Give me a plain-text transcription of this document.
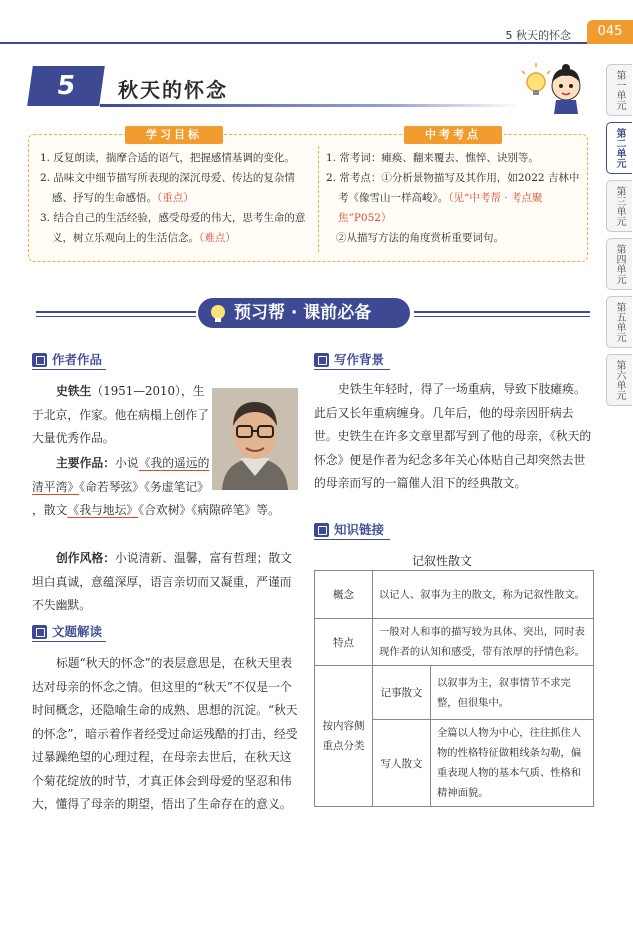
5 秋天的怀念	045
5	秋天的怀念
学习目标	中考考点
1. 反复朗读，揣摩合适的语气，把握感情基调的变化。
2. 品味文中细节描写所表现的深沉母爱、传达的复杂情感、抒写的生命感悟。（重点）
3. 结合自己的生活经验，感受母爱的伟大，思考生命的意义，树立乐观向上的生活信念。（难点）
1. 常考词：瘫痪、翻来覆去、憔悴、诀别等。
2. 常考点：①分析景物描写及其作用，如2022 吉林中考《像雪山一样高峻》。（见“中考帮 · 考点聚焦”P052）
②从描写方法的角度赏析重要词句。
预习帮 · 课前必备
第一单元
第二单元
第三单元
第四单元
第五单元
第六单元
作者作品
史铁生（1951—2010），生于北京，作家。他在病榻上创作了大量优秀作品。
主要作品：小说《我的遥远的清平湾》《命若琴弦》《务虚笔记》
，散文《我与地坛》《合欢树》《病隙碎笔》等。
创作风格：小说清新、温馨，富有哲理；散文坦白真诚，意蕴深厚，语言亲切而又凝重，严谨而不失幽默。
文题解读
标题“秋天的怀念”的表层意思是，在秋天里表达对母亲的怀念之情。但这里的“秋天”不仅是一个时间概念，还隐喻生命的成熟、思想的沉淀。“秋天的怀念”，暗示着作者经受过命运残酷的打击，经受过暴躁绝望的心理过程，在母亲去世后，在秋天这个菊花绽放的时节，才真正体会到母爱的坚忍和伟大，懂得了母亲的期望，悟出了生命存在的意义。
写作背景
史铁生年轻时，得了一场重病，导致下肢瘫痪。此后又长年重病缠身。几年后，他的母亲因肝病去世。史铁生在许多文章里都写到了他的母亲，《秋天的怀念》便是作者为纪念多年关心体贴自己却突然去世的母亲而写的一篇催人泪下的经典散文。
知识链接
记叙性散文
概念	以记人、叙事为主的散文，称为记叙性散文。	
特点	一般对人和事的描写较为具体、突出，同时表现作者的认知和感受，带有浓厚的抒情色彩。	
按内容侧重点分类	记事散文	以叙事为主，叙事情节不求完整，但很集中。
	写人散文	全篇以人物为中心，往往抓住人物的性格特征做粗线条勾勒，偏重表现人物的基本气质、性格和精神面貌。
